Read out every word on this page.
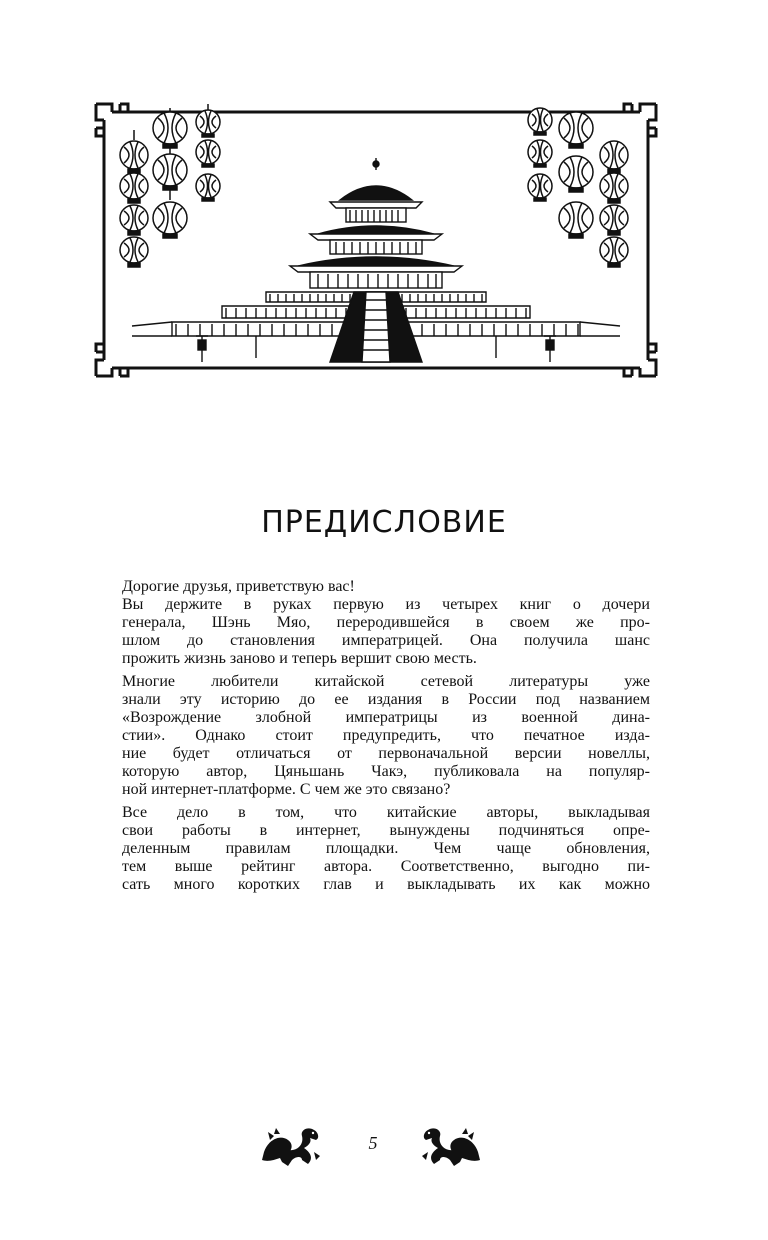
ПРЕДИСЛОВИЕ
Дорогие друзья, приветствую вас!
Вы держите в руках первую из четырех книг о дочери
генерала, Шэнь Мяо, переродившейся в своем же про-
шлом до становления императрицей. Она получила шанс
прожить жизнь заново и теперь вершит свою месть.
Многие любители китайской сетевой литературы уже
знали эту историю до ее издания в России под названием
«Возрождение злобной императрицы из военной дина-
стии». Однако стоит предупредить, что печатное изда-
ние будет отличаться от первоначальной версии новеллы,
которую автор, Цяньшань Чакэ, публиковала на популяр-
ной интернет-платформе. С чем же это связано?
Все дело в том, что китайские авторы, выкладывая
свои работы в интернет, вынуждены подчиняться опре-
деленным правилам площадки. Чем чаще обновления,
тем выше рейтинг автора. Соответственно, выгодно пи-
сать много коротких глав и выкладывать их как можно
5
